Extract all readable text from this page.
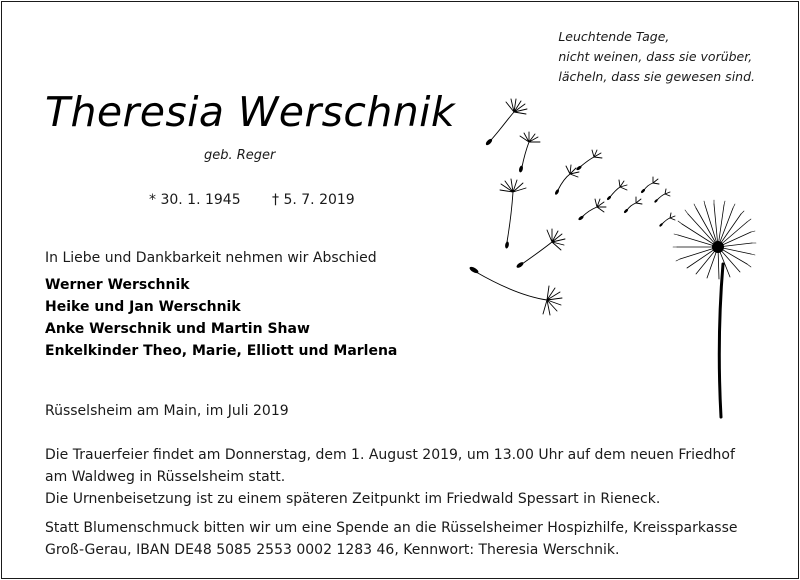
Leuchtende Tage,
nicht weinen, dass sie vorüber,
lächeln, dass sie gewesen sind.
Theresia Werschnik
geb. Reger
* 30. 1. 1945 † 5. 7. 2019
In Liebe und Dankbarkeit nehmen wir Abschied
Werner Werschnik
Heike und Jan Werschnik
Anke Werschnik und Martin Shaw
Enkelkinder Theo, Marie, Elliott und Marlena
Rüsselsheim am Main, im Juli 2019
Die Trauerfeier findet am Donnerstag, dem 1. August 2019, um 13.00 Uhr auf dem neuen Friedhof
am Waldweg in Rüsselsheim statt.
Die Urnenbeisetzung ist zu einem späteren Zeitpunkt im Friedwald Spessart in Rieneck.
Statt Blumenschmuck bitten wir um eine Spende an die Rüsselsheimer Hospizhilfe, Kreissparkasse
Groß-Gerau, IBAN DE48 5085 2553 0002 1283 46, Kennwort: Theresia Werschnik.
